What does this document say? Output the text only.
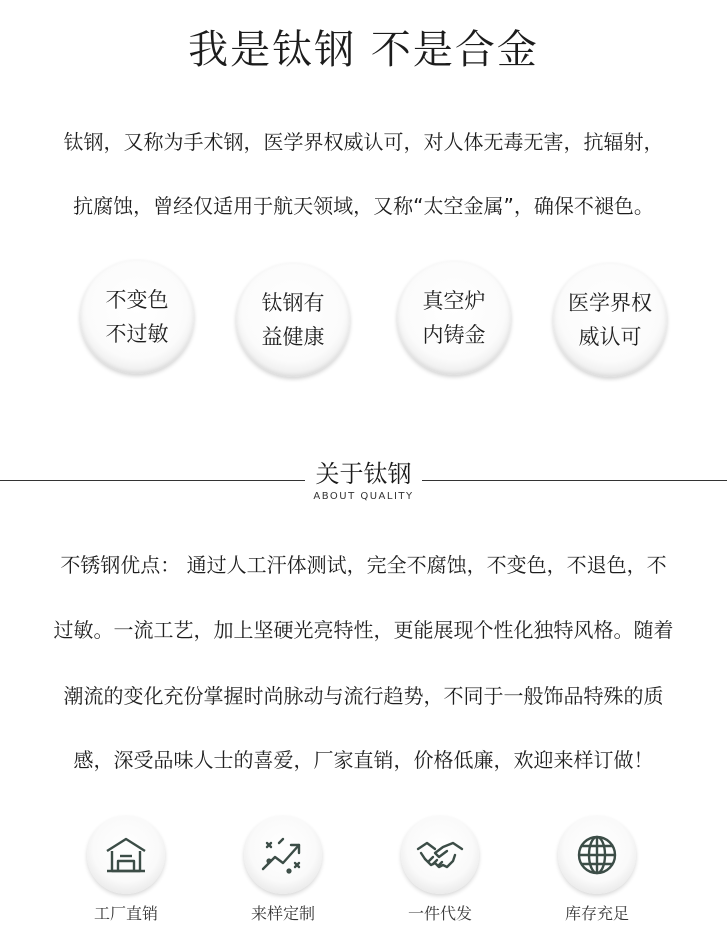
我是钛钢 不是合金
钛钢，又称为手术钢，医学界权威认可，对人体无毒无害，抗辐射，
抗腐蚀，曾经仅适用于航天领域，又称“太空金属”，确保不褪色。
不变色
不过敏
钛钢有
益健康
真空炉
内铸金
医学界权
威认可
关于钛钢
ABOUT QUALITY
不锈钢优点： 通过人工汗体测试，完全不腐蚀，不变色，不退色，不
过敏。一流工艺，加上坚硬光亮特性，更能展现个性化独特风格。随着
潮流的变化充份掌握时尚脉动与流行趋势，不同于一般饰品特殊的质
感，深受品味人士的喜爱，厂家直销，价格低廉，欢迎来样订做！
工厂直销	来样定制	一件代发	库存充足
